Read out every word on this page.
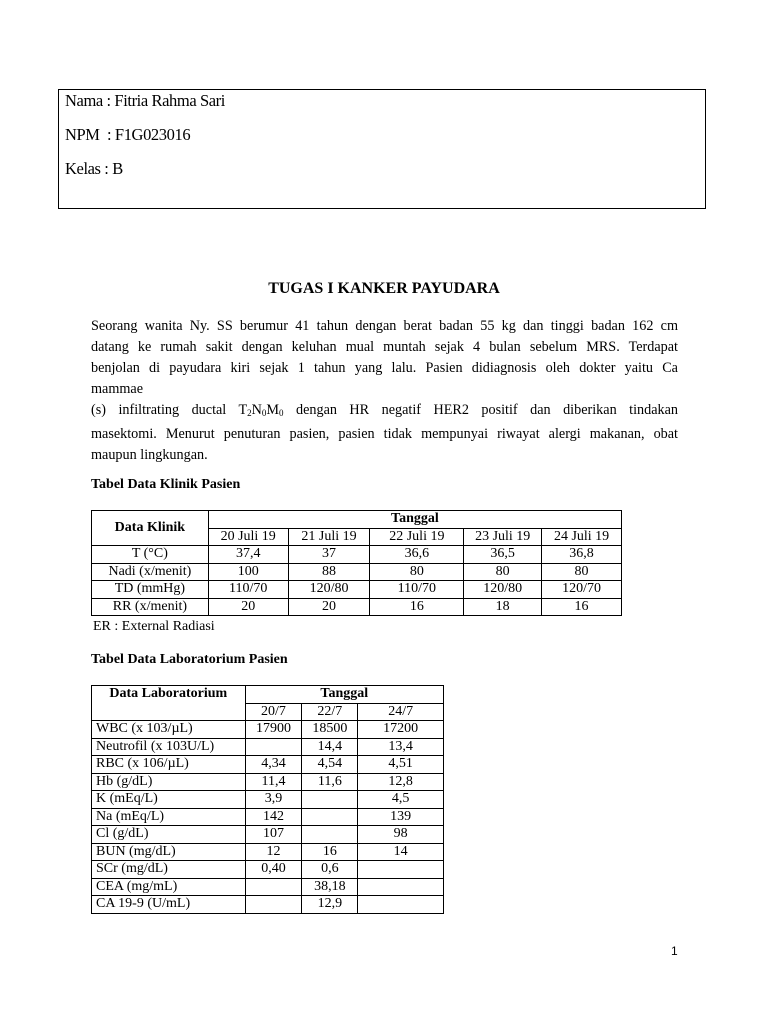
Nama : Fitria Rahma Sari
NPM  : F1G023016
Kelas : B
TUGAS I KANKER PAYUDARA
Seorang wanita Ny. SS berumur 41 tahun dengan berat badan 55 kg dan tinggi badan 162 cm
datang ke rumah sakit dengan keluhan mual muntah sejak 4 bulan sebelum MRS. Terdapat
benjolan di payudara kiri sejak 1 tahun yang lalu. Pasien didiagnosis oleh dokter yaitu Ca
mammae
(s) infiltrating ductal $T_2N_0M_0$ dengan HR negatif HER2 positif dan diberikan tindakan
masektomi. Menurut penuturan pasien, pasien tidak mempunyai riwayat alergi makanan, obat
maupun lingkungan.
Tabel Data Klinik Pasien
Data Klinik	Tanggal				
	20 Juli 19	21 Juli 19	22 Juli 19	23 Juli 19	24 Juli 19
T (°C)	37,4	37	36,6	36,5	36,8
Nadi (x/menit)	100	88	80	80	80
TD (mmHg)	110/70	120/80	110/70	120/80	120/70
RR (x/menit)	20	20	16	18	16
ER : External Radiasi
Tabel Data Laboratorium Pasien
Data Laboratorium	Tanggal		
	20/7	22/7	24/7
WBC (x 103/µL)	17900	18500	17200
Neutrofil (x 103U/L)		14,4	13,4
RBC (x 106/µL)	4,34	4,54	4,51
Hb (g/dL)	11,4	11,6	12,8
K (mEq/L)	3,9		4,5
Na (mEq/L)	142		139
Cl (g/dL)	107		98
BUN (mg/dL)	12	16	14
SCr (mg/dL)	0,40	0,6	
CEA (mg/mL)		38,18	
CA 19-9 (U/mL)		12,9	
1
